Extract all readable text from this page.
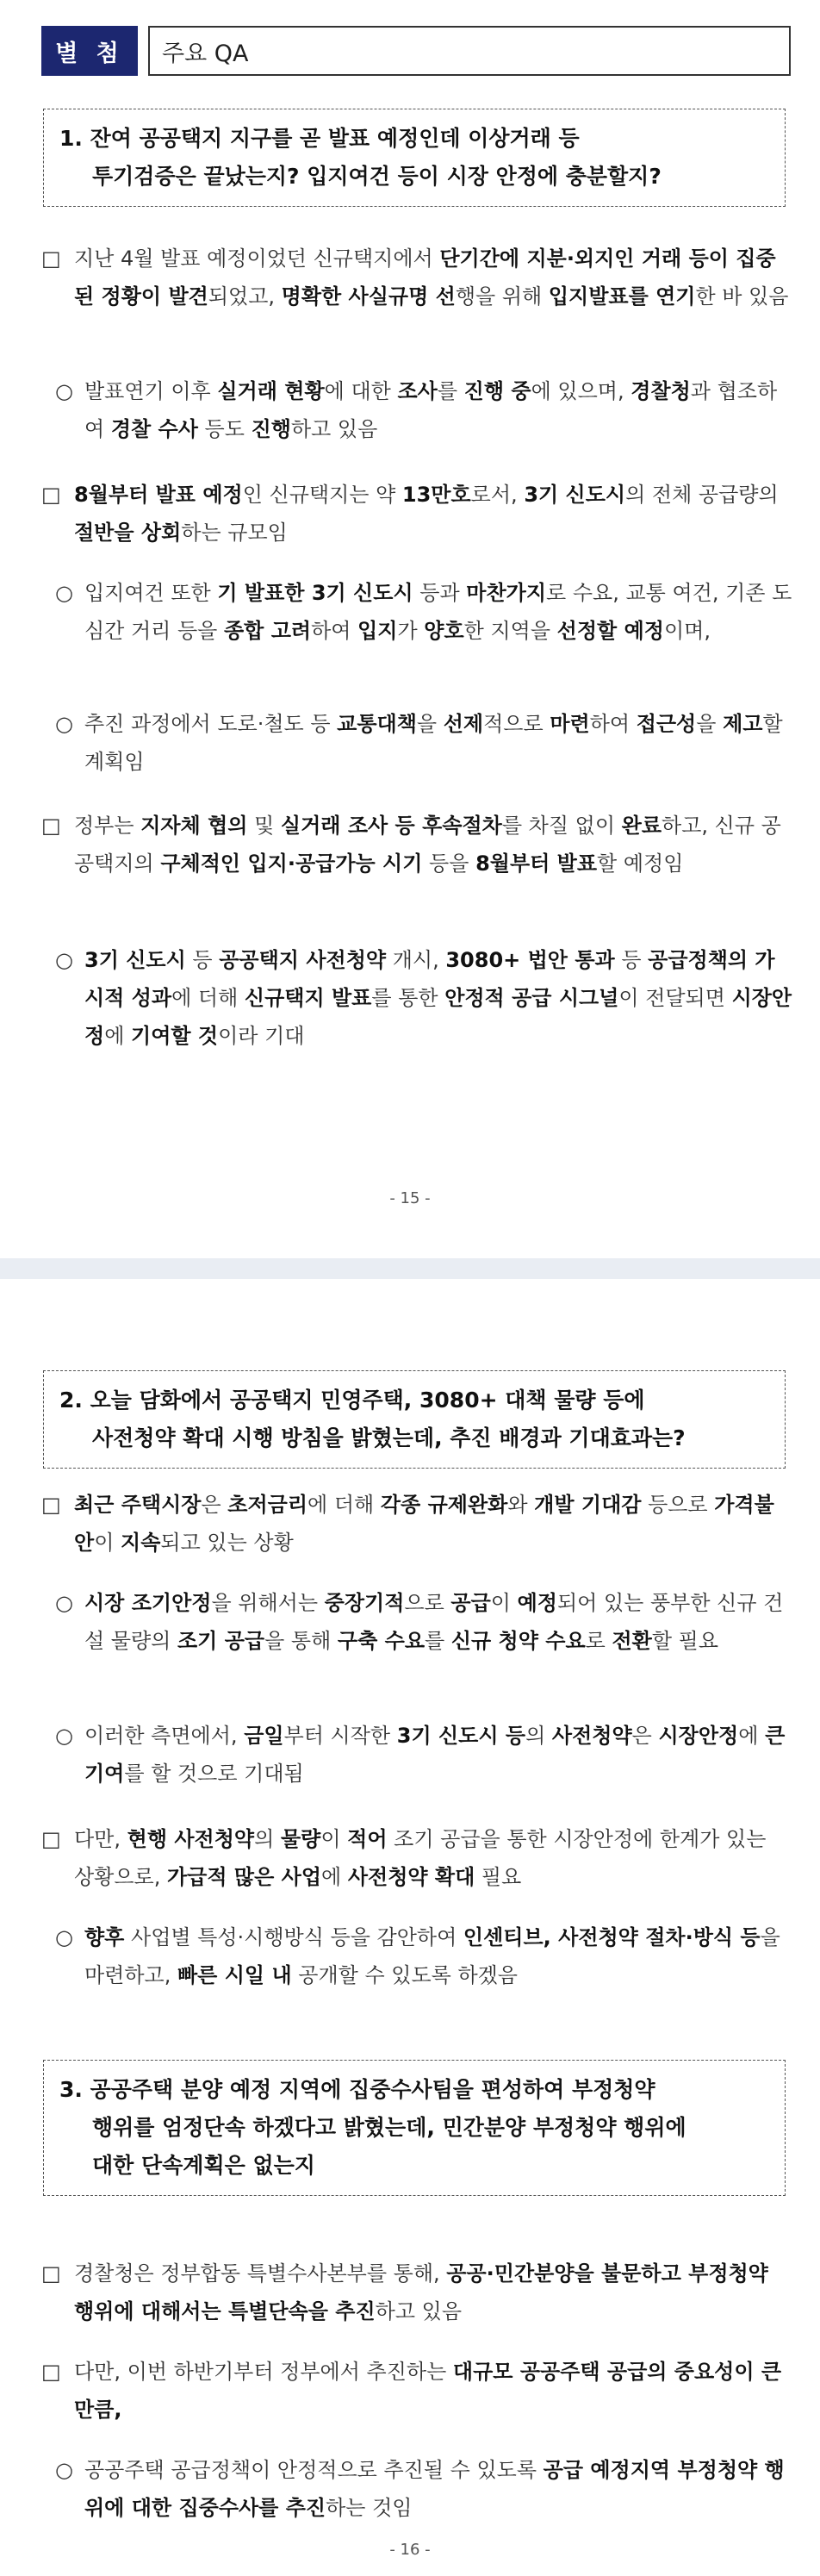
별 첨	주요 QA
1. 잔여 공공택지 지구를 곧 발표 예정인데 이상거래 등
투기검증은 끝났는지? 입지여건 등이 시장 안정에 충분할지?
□ 지난 4월 발표 예정이었던 신규택지에서 단기간에 지분·외지인 거래 등이 집중된 정황이 발견되었고, 명확한 사실규명 선행을 위해 입지발표를 연기한 바 있음
○ 발표연기 이후 실거래 현황에 대한 조사를 진행 중에 있으며, 경찰청과 협조하여 경찰 수사 등도 진행하고 있음
□ 8월부터 발표 예정인 신규택지는 약 13만호로서, 3기 신도시의 전체 공급량의 절반을 상회하는 규모임
○ 입지여건 또한 기 발표한 3기 신도시 등과 마찬가지로 수요, 교통 여건, 기존 도심간 거리 등을 종합 고려하여 입지가 양호한 지역을 선정할 예정이며,
○ 추진 과정에서 도로·철도 등 교통대책을 선제적으로 마련하여 접근성을 제고할 계획임
□ 정부는 지자체 협의 및 실거래 조사 등 후속절차를 차질 없이 완료하고, 신규 공공택지의 구체적인 입지·공급가능 시기 등을 8월부터 발표할 예정임
○ 3기 신도시 등 공공택지 사전청약 개시, 3080+ 법안 통과 등 공급정책의 가시적 성과에 더해 신규택지 발표를 통한 안정적 공급 시그널이 전달되면 시장안정에 기여할 것이라 기대
- 15 -
2. 오늘 담화에서 공공택지 민영주택, 3080+ 대책 물량 등에
사전청약 확대 시행 방침을 밝혔는데, 추진 배경과 기대효과는?
□ 최근 주택시장은 초저금리에 더해 각종 규제완화와 개발 기대감 등으로 가격불안이 지속되고 있는 상황
○ 시장 조기안정을 위해서는 중장기적으로 공급이 예정되어 있는 풍부한 신규 건설 물량의 조기 공급을 통해 구축 수요를 신규 청약 수요로 전환할 필요
○ 이러한 측면에서, 금일부터 시작한 3기 신도시 등의 사전청약은 시장안정에 큰 기여를 할 것으로 기대됨
□ 다만, 현행 사전청약의 물량이 적어 조기 공급을 통한 시장안정에 한계가 있는 상황으로, 가급적 많은 사업에 사전청약 확대 필요
○ 향후 사업별 특성·시행방식 등을 감안하여 인센티브, 사전청약 절차·방식 등을 마련하고, 빠른 시일 내 공개할 수 있도록 하겠음
3. 공공주택 분양 예정 지역에 집중수사팀을 편성하여 부정청약
행위를 엄정단속 하겠다고 밝혔는데, 민간분양 부정청약 행위에
대한 단속계획은 없는지
□ 경찰청은 정부합동 특별수사본부를 통해, 공공·민간분양을 불문하고 부정청약 행위에 대해서는 특별단속을 추진하고 있음
□ 다만, 이번 하반기부터 정부에서 추진하는 대규모 공공주택 공급의 중요성이 큰 만큼,
○ 공공주택 공급정책이 안정적으로 추진될 수 있도록 공급 예정지역 부정청약 행위에 대한 집중수사를 추진하는 것임
- 16 -
